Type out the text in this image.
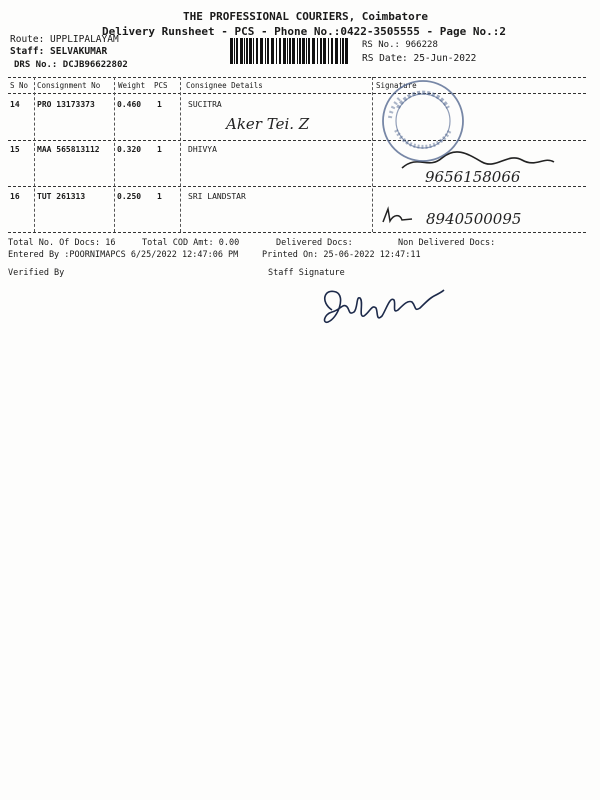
THE PROFESSIONAL COURIERS, Coimbatore
Delivery Runsheet - PCS - Phone No.:0422-3505555 - Page No.:2
Route: UPPLIPALAYAM
Staff: SELVAKUMAR
DRS No.: DCJB96622802
RS No.: 966228
RS Date: 25-Jun-2022
S No Consignment No Weight PCS Consignee Details	Signature
14 PRO 13173373	0.460 1	SUCITRA
Aker Tei. Z
15 MAA 565813112 0.320 1	DHIVYA
9656158066
16 TUT 261313	0.250 1	SRI LANDSTAR
8940500095
Total No. Of Docs: 16	Total COD Amt: 0.00	Delivered Docs:	Non Delivered Docs:
Entered By :POORNIMAPCS 6/25/2022 12:47:06 PM	Printed On: 25-06-2022 12:47:11
Verified By	Staff Signature
